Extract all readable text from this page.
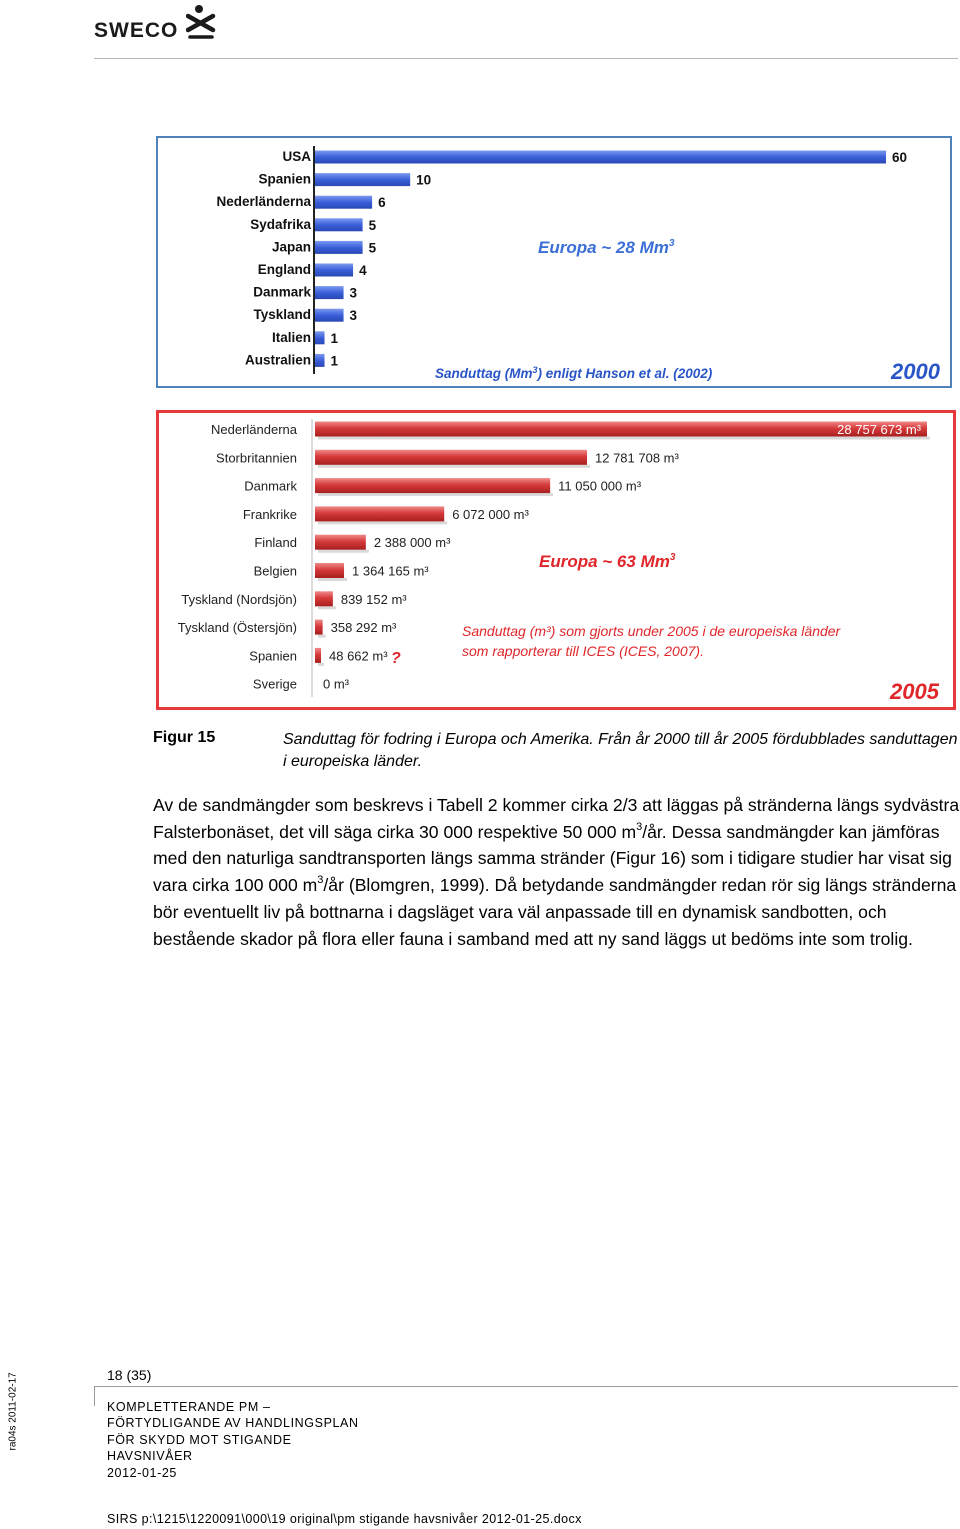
SWECO
USA
Spanien
Nederländerna
Sydafrika
Japan
England
Danmark
Tyskland
Italien
Australien
60
10
6
5
5
4
3
3
1
1
Europa ~ 28 Mm$^3$
Sanduttag (Mm$^3$) enligt Hanson et al. (2002)	2000
Nederländerna
Storbritannien
Danmark
Frankrike
Finland
Belgien
Tyskland (Nordsjön)
Tyskland (Östersjön)
Spanien
Sverige
28 757 673 m³
12 781 708 m³
11 050 000 m³
6 072 000 m³
2 388 000 m³
1 364 165 m³
839 152 m³
358 292 m³
48 662 m³
0 m³
?
Europa ~ 63 Mm$^3$
Sanduttag (m³) som gjorts under 2005 i de europeiska länder
som rapporterar till ICES (ICES, 2007).
2005
Figur 15	Sanduttag för fodring i Europa och Amerika. Från år 2000 till år 2005 fördubblades sanduttagen i europeiska länder.
Av de sandmängder som beskrevs i Tabell 2 kommer cirka 2/3 att läggas på stränderna längs sydvästra Falsterbonäset, det vill säga cirka 30 000 respektive 50 000 $m^3/år$. Dessa sandmängder kan jämföras med den naturliga sandtransporten längs samma stränder (Figur 16) som i tidigare studier har visat sig vara cirka 100 000 $m^3/år$ (Blomgren, 1999). Då betydande sandmängder redan rör sig längs stränderna bör eventuellt liv på bottnarna i dagsläget vara väl anpassade till en dynamisk sandbotten, och bestående skador på flora eller fauna i samband med att ny sand läggs ut bedöms inte som trolig.
18 (35)
ra04s 2011-02-17	KOMPLETTERANDE PM –
FÖRTYDLIGANDE AV HANDLINGSPLAN
FÖR SKYDD MOT STIGANDE
HAVSNIVÅER
2012-01-25
SIRS p:\1215\1220091\000\19 original\pm stigande havsnivåer 2012-01-25.docx
